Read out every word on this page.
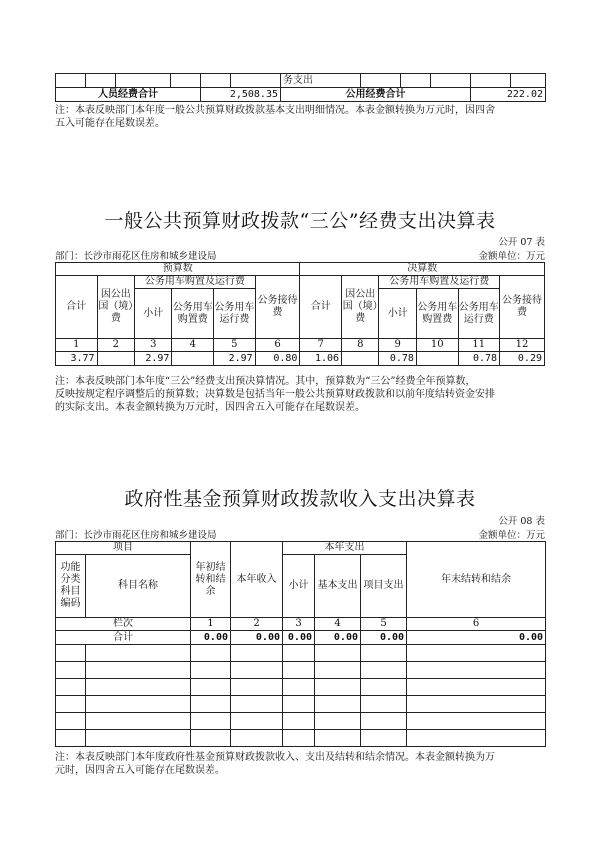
						务支出					
人员经费合计				2,508.35		公用经费合计				222.02	
注：本表反映部门本年度一般公共预算财政拨款基本支出明细情况。本表金额转换为万元时，因四舍
五入可能存在尾数误差。
一般公共预算财政拨款“三公”经费支出决算表
公开 07 表
部门：长沙市雨花区住房和城乡建设局	金额单位：万元
预算数						决算数					
合计	因公出国（境）费	公务用车购置及运行费			公务接待费	合计	因公出国（境）费	公务用车购置及运行费			公务接待费
		小计	公务用车购置费	公务用车运行费				小计	公务用车购置费	公务用车运行费	
1	2	3	4	5	6	7	8	9	10	11	12
3.77		2.97		2.97	0.80	1.06		0.78		0.78	0.29
注：本表反映部门本年度“三公”经费支出预决算情况。其中，预算数为“三公”经费全年预算数，
反映按规定程序调整后的预算数；决算数是包括当年一般公共预算财政拨款和以前年度结转资金安排
的实际支出。本表金额转换为万元时，因四舍五入可能存在尾数误差。
政府性基金预算财政拨款收入支出决算表
公开 08 表
部门：长沙市雨花区住房和城乡建设局	金额单位：万元
项目		年初结转和结余	本年收入	本年支出			年末结转和结余
功能分类科目编码	科目名称			小计	基本支出	项目支出	
栏次		1	2	3	4	5	6
合计		0.00	0.00	0.00	0.00	0.00	0.00

注：本表反映部门本年度政府性基金预算财政拨款收入、支出及结转和结余情况。本表金额转换为万
元时，因四舍五入可能存在尾数误差。
